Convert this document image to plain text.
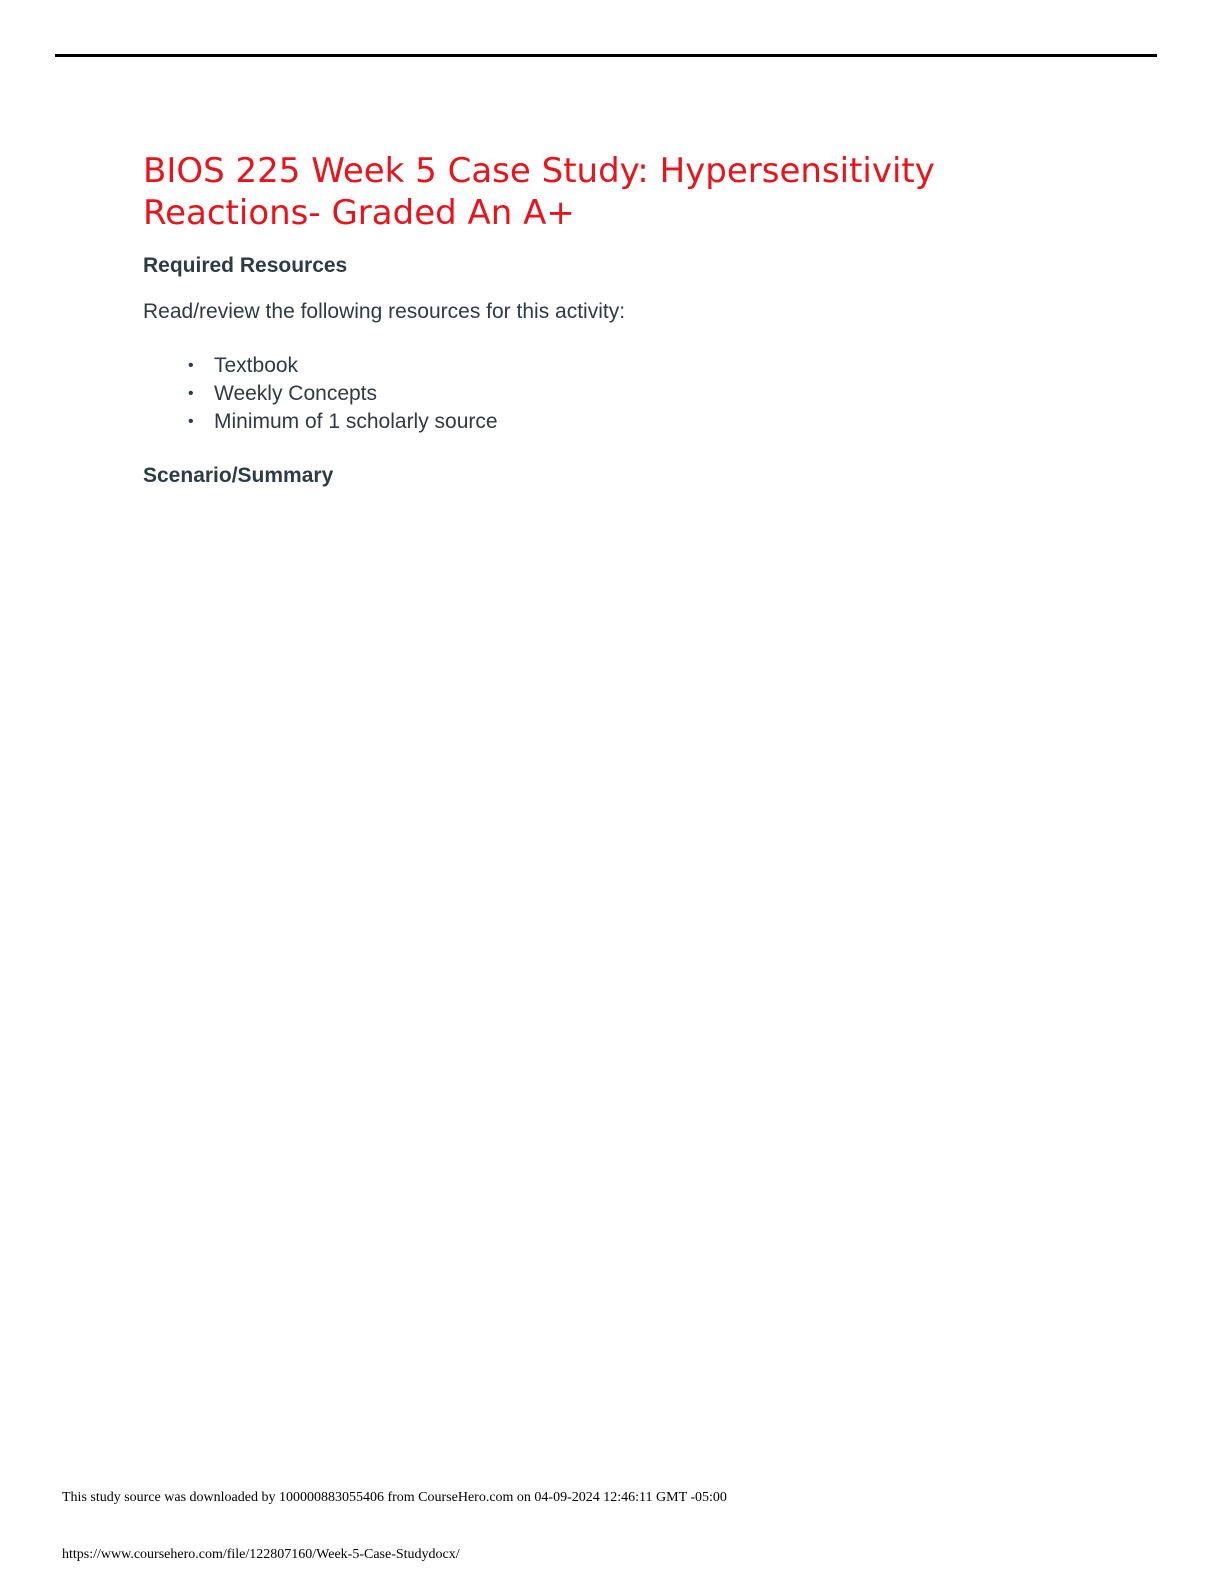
BIOS 225 Week 5 Case Study: Hypersensitivity
Reactions- Graded An A+
Required Resources

Read/review the following resources for this activity:

• Textbook
• Weekly Concepts
• Minimum of 1 scholarly source
Scenario/Summary

This study source was downloaded by 100000883055406 from CourseHero.com on 04-09-2024 12:46:11 GMT -05:00

https://www.coursehero.com/file/122807160/Week-5-Case-Studydocx/
